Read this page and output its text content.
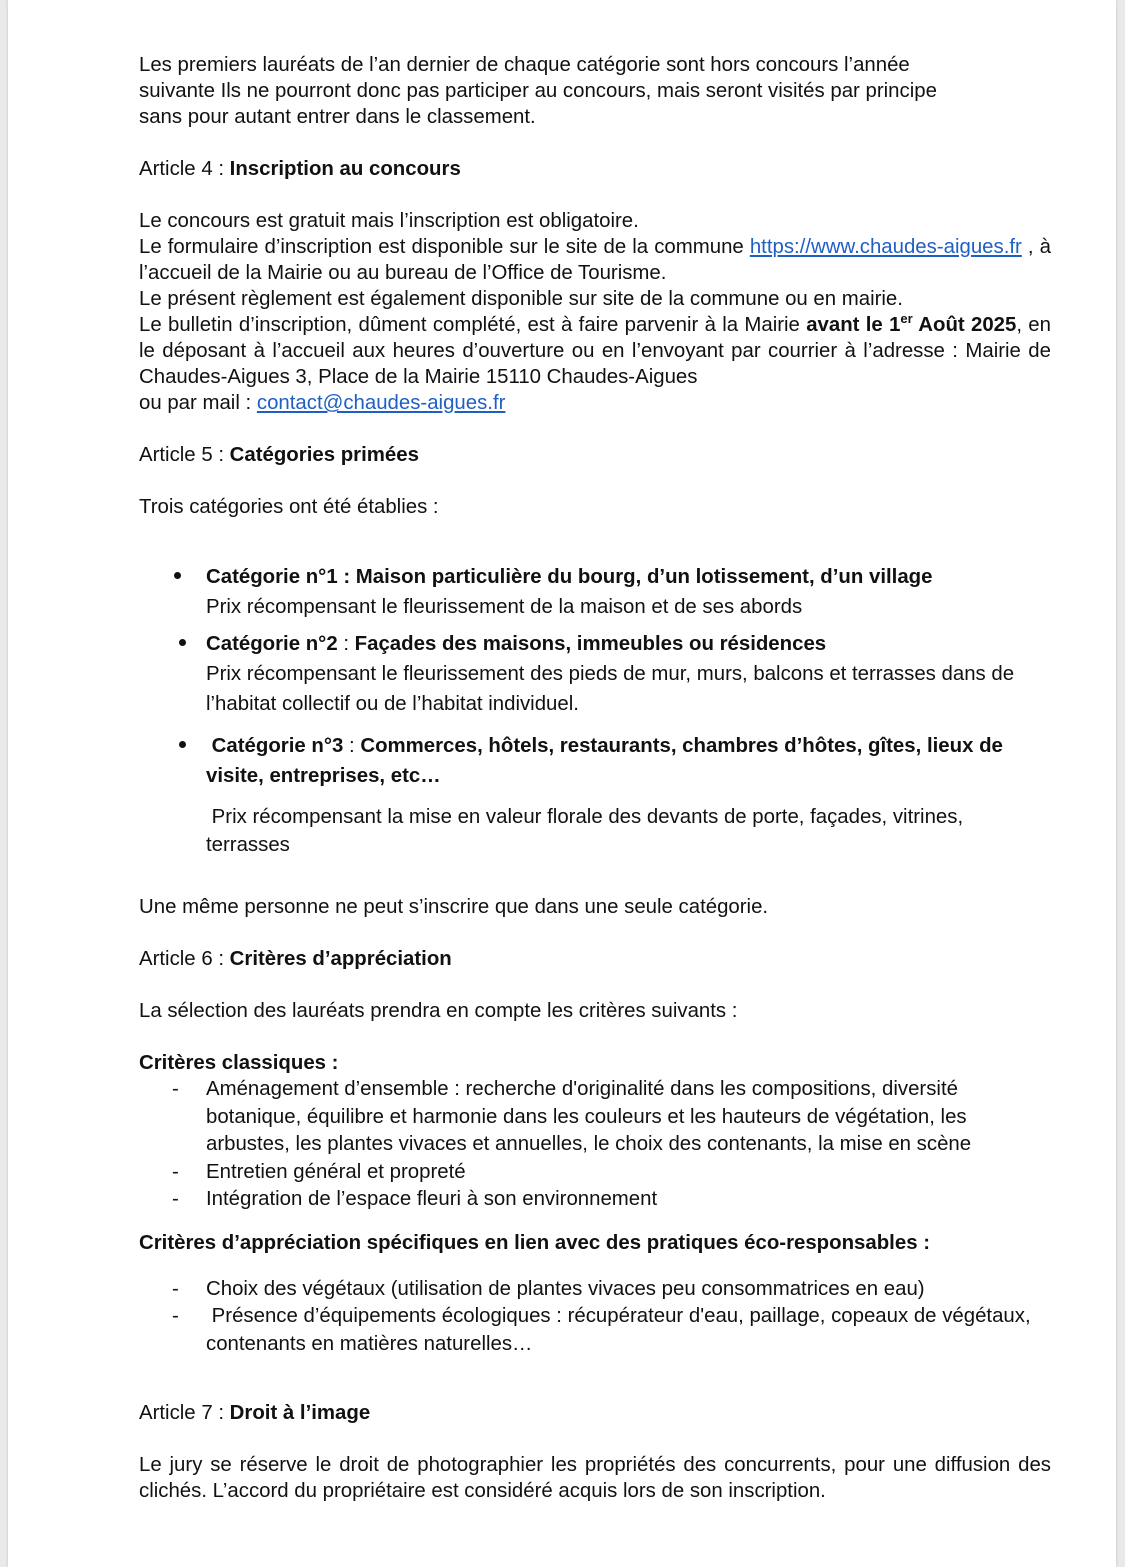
Les premiers lauréats de l’an dernier de chaque catégorie sont hors concours l’année

suivante Ils ne pourront donc pas participer au concours, mais seront visités par principe

sans pour autant entrer dans le classement.

Article 4 : Inscription au concours

Le concours est gratuit mais l’inscription est obligatoire.

Le formulaire d’inscription est disponible sur le site de la commune https://www.chaudes-aigues.fr , à l’accueil de la Mairie ou au bureau de l’Office de Tourisme.

Le présent règlement est également disponible sur site de la commune ou en mairie.

Le bulletin d’inscription, dûment complété, est à faire parvenir à la Mairie avant le 1er Août 2025, en le déposant à l’accueil aux heures d’ouverture ou en l’envoyant par courrier à l’adresse : Mairie de Chaudes-Aigues 3, Place de la Mairie 15110 Chaudes-Aigues

ou par mail : contact@chaudes-aigues.fr

Article 5 : Catégories primées

Trois catégories ont été établies :

Catégorie n°1 : Maison particulière du bourg, d’un lotissement, d’un village
Prix récompensant le fleurissement de la maison et de ses abords
Catégorie n°2 : Façades des maisons, immeubles ou résidences
Prix récompensant le fleurissement des pieds de mur, murs, balcons et terrasses dans de l’habitat collectif ou de l’habitat individuel.
Catégorie n°3 : Commerces, hôtels, restaurants, chambres d’hôtes, gîtes, lieux de visite, entreprises, etc…
Prix récompensant la mise en valeur florale des devants de porte, façades, vitrines, terrasses

Une même personne ne peut s’inscrire que dans une seule catégorie.

Article 6 : Critères d’appréciation

La sélection des lauréats prendra en compte les critères suivants :

Critères classiques :

- Aménagement d’ensemble : recherche d'originalité dans les compositions, diversité botanique, équilibre et harmonie dans les couleurs et les hauteurs de végétation, les arbustes, les plantes vivaces et annuelles, le choix des contenants, la mise en scène
- Entretien général et propreté
- Intégration de l’espace fleuri à son environnement

Critères d’appréciation spécifiques en lien avec des pratiques éco-responsables :

- Choix des végétaux (utilisation de plantes vivaces peu consommatrices en eau)
- Présence d’équipements écologiques : récupérateur d'eau, paillage, copeaux de végétaux, contenants en matières naturelles…

Article 7 : Droit à l’image

Le jury se réserve le droit de photographier les propriétés des concurrents, pour une diffusion des clichés. L’accord du propriétaire est considéré acquis lors de son inscription.
